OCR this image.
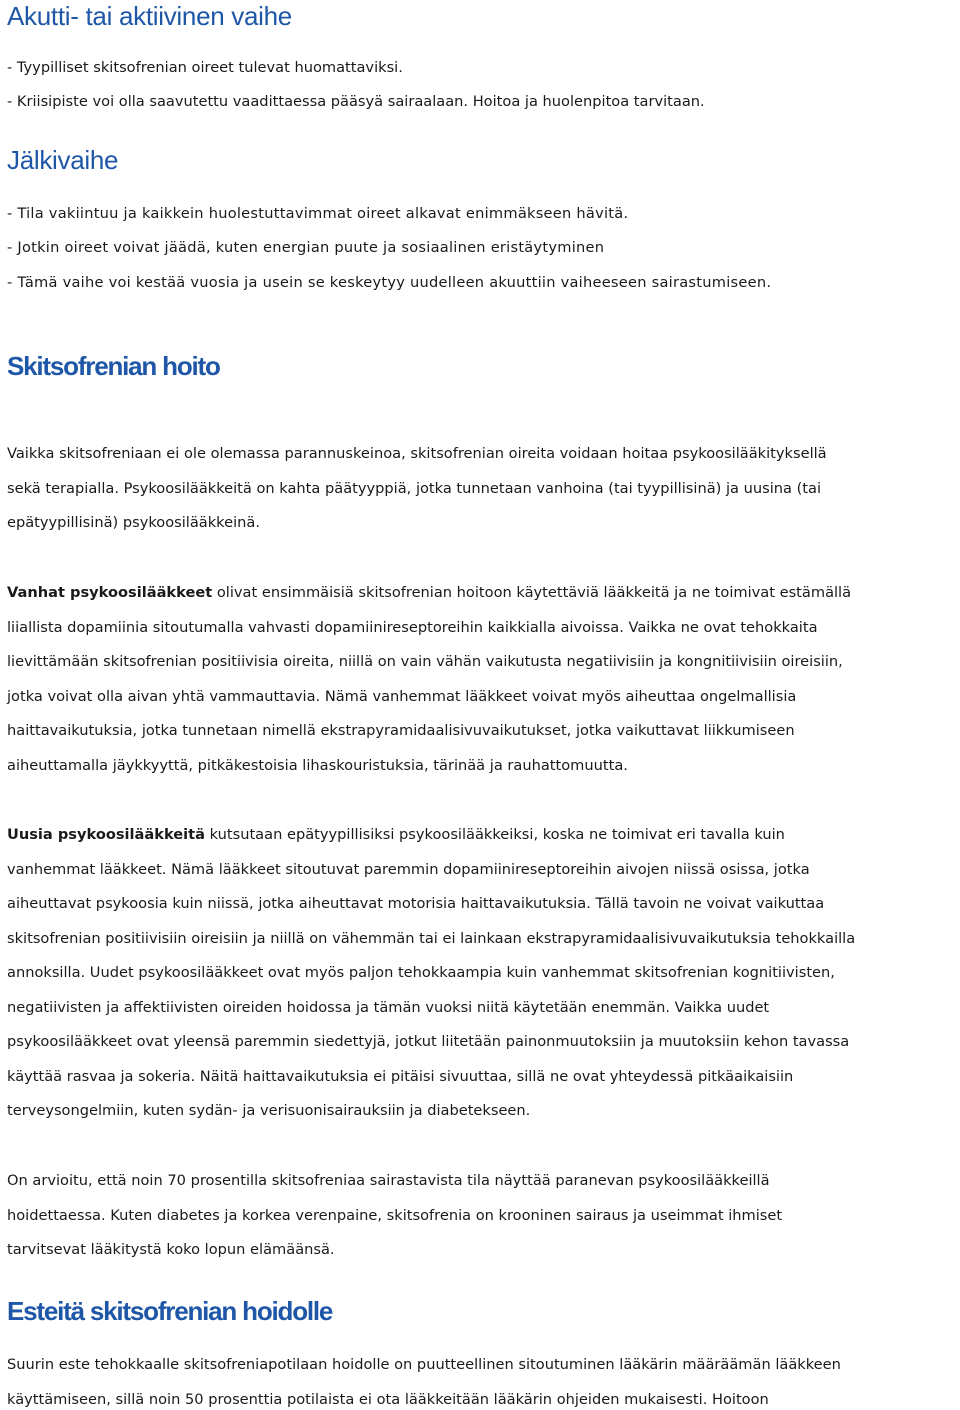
Akutti- tai aktiivinen vaihe
- Tyypilliset skitsofrenian oireet tulevat huomattaviksi.
- Kriisipiste voi olla saavutettu vaadittaessa pääsyä sairaalaan. Hoitoa ja huolenpitoa tarvitaan.
Jälkivaihe
- Tila vakiintuu ja kaikkein huolestuttavimmat oireet alkavat enimmäkseen hävitä.
- Jotkin oireet voivat jäädä, kuten energian puute ja sosiaalinen eristäytyminen
- Tämä vaihe voi kestää vuosia ja usein se keskeytyy uudelleen akuuttiin vaiheeseen sairastumiseen.
Skitsofrenian hoito
Vaikka skitsofreniaan ei ole olemassa parannuskeinoa, skitsofrenian oireita voidaan hoitaa psykoosilääkityksellä
sekä terapialla. Psykoosilääkkeitä on kahta päätyyppiä, jotka tunnetaan vanhoina (tai tyypillisinä) ja uusina (tai
epätyypillisinä) psykoosilääkkeinä.
Vanhat psykoosilääkkeet olivat ensimmäisiä skitsofrenian hoitoon käytettäviä lääkkeitä ja ne toimivat estämällä
liiallista dopamiinia sitoutumalla vahvasti dopamiinireseptoreihin kaikkialla aivoissa. Vaikka ne ovat tehokkaita
lievittämään skitsofrenian positiivisia oireita, niillä on vain vähän vaikutusta negatiivisiin ja kongnitiivisiin oireisiin,
jotka voivat olla aivan yhtä vammauttavia. Nämä vanhemmat lääkkeet voivat myös aiheuttaa ongelmallisia
haittavaikutuksia, jotka tunnetaan nimellä ekstrapyramidaalisivuvaikutukset, jotka vaikuttavat liikkumiseen
aiheuttamalla jäykkyyttä, pitkäkestoisia lihaskouristuksia, tärinää ja rauhattomuutta.
Uusia psykoosilääkkeitä kutsutaan epätyypillisiksi psykoosilääkkeiksi, koska ne toimivat eri tavalla kuin
vanhemmat lääkkeet. Nämä lääkkeet sitoutuvat paremmin dopamiinireseptoreihin aivojen niissä osissa, jotka
aiheuttavat psykoosia kuin niissä, jotka aiheuttavat motorisia haittavaikutuksia. Tällä tavoin ne voivat vaikuttaa
skitsofrenian positiivisiin oireisiin ja niillä on vähemmän tai ei lainkaan ekstrapyramidaalisivuvaikutuksia tehokkailla
annoksilla. Uudet psykoosilääkkeet ovat myös paljon tehokkaampia kuin vanhemmat skitsofrenian kognitiivisten,
negatiivisten ja affektiivisten oireiden hoidossa ja tämän vuoksi niitä käytetään enemmän. Vaikka uudet
psykoosilääkkeet ovat yleensä paremmin siedettyjä, jotkut liitetään painonmuutoksiin ja muutoksiin kehon tavassa
käyttää rasvaa ja sokeria. Näitä haittavaikutuksia ei pitäisi sivuuttaa, sillä ne ovat yhteydessä pitkäaikaisiin
terveysongelmiin, kuten sydän- ja verisuonisairauksiin ja diabetekseen.
On arvioitu, että noin 70 prosentilla skitsofreniaa sairastavista tila näyttää paranevan psykoosilääkkeillä
hoidettaessa. Kuten diabetes ja korkea verenpaine, skitsofrenia on krooninen sairaus ja useimmat ihmiset
tarvitsevat lääkitystä koko lopun elämäänsä.
Esteitä skitsofrenian hoidolle
Suurin este tehokkaalle skitsofreniapotilaan hoidolle on puutteellinen sitoutuminen lääkärin määräämän lääkkeen
käyttämiseen, sillä noin 50 prosenttia potilaista ei ota lääkkeitään lääkärin ohjeiden mukaisesti. Hoitoon
